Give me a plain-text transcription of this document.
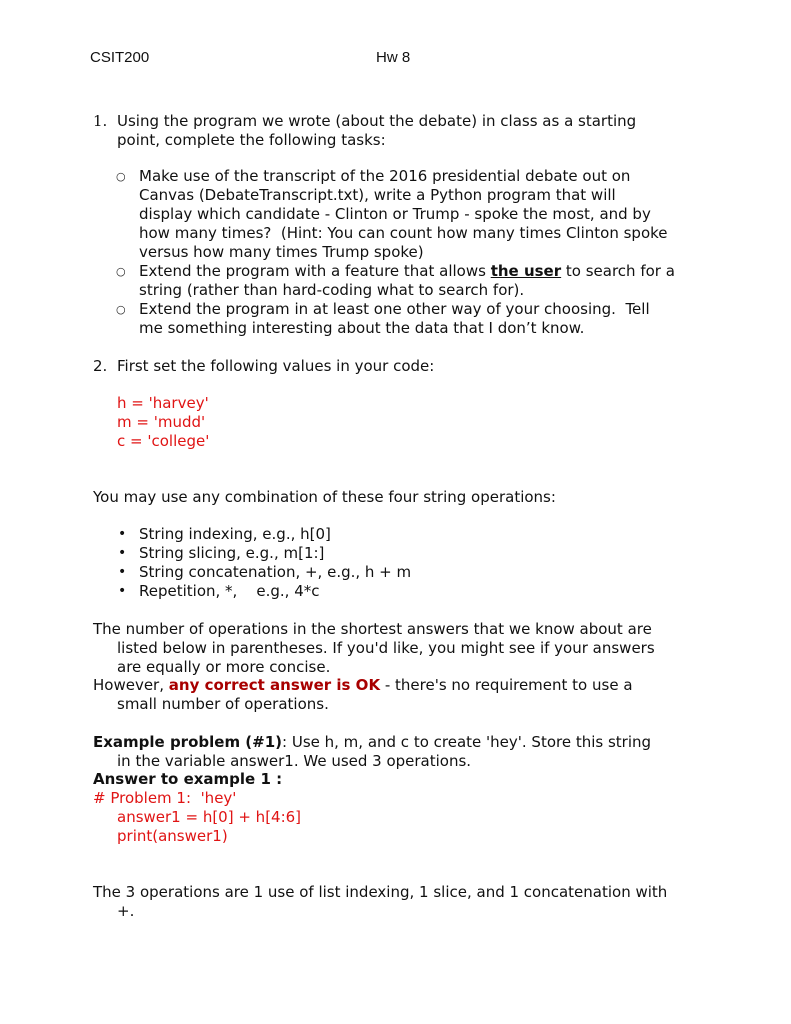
CSIT200	Hw 8
1. Using the program we wrote (about the debate) in class as a starting
point, complete the following tasks:
○ Make use of the transcript of the 2016 presidential debate out on
Canvas (DebateTranscript.txt), write a Python program that will
display which candidate - Clinton or Trump - spoke the most, and by
how many times?  (Hint: You can count how many times Clinton spoke
versus how many times Trump spoke)
○ Extend the program with a feature that allows the user to search for a
string (rather than hard-coding what to search for).
○ Extend the program in at least one other way of your choosing.  Tell
me something interesting about the data that I don’t know.
2. First set the following values in your code:
h = 'harvey'
m = 'mudd'
c = 'college'
You may use any combination of these four string operations:
• String indexing, e.g., h[0]
• String slicing, e.g., m[1:]
• String concatenation, +, e.g., h + m
• Repetition, *,    e.g., 4*c
The number of operations in the shortest answers that we know about are
listed below in parentheses. If you'd like, you might see if your answers
are equally or more concise.
However, any correct answer is OK - there's no requirement to use a
small number of operations.
Example problem (#1): Use h, m, and c to create 'hey'. Store this string
in the variable answer1. We used 3 operations.
Answer to example 1 :
# Problem 1:  'hey'
answer1 = h[0] + h[4:6]
print(answer1)
The 3 operations are 1 use of list indexing, 1 slice, and 1 concatenation with
+.
